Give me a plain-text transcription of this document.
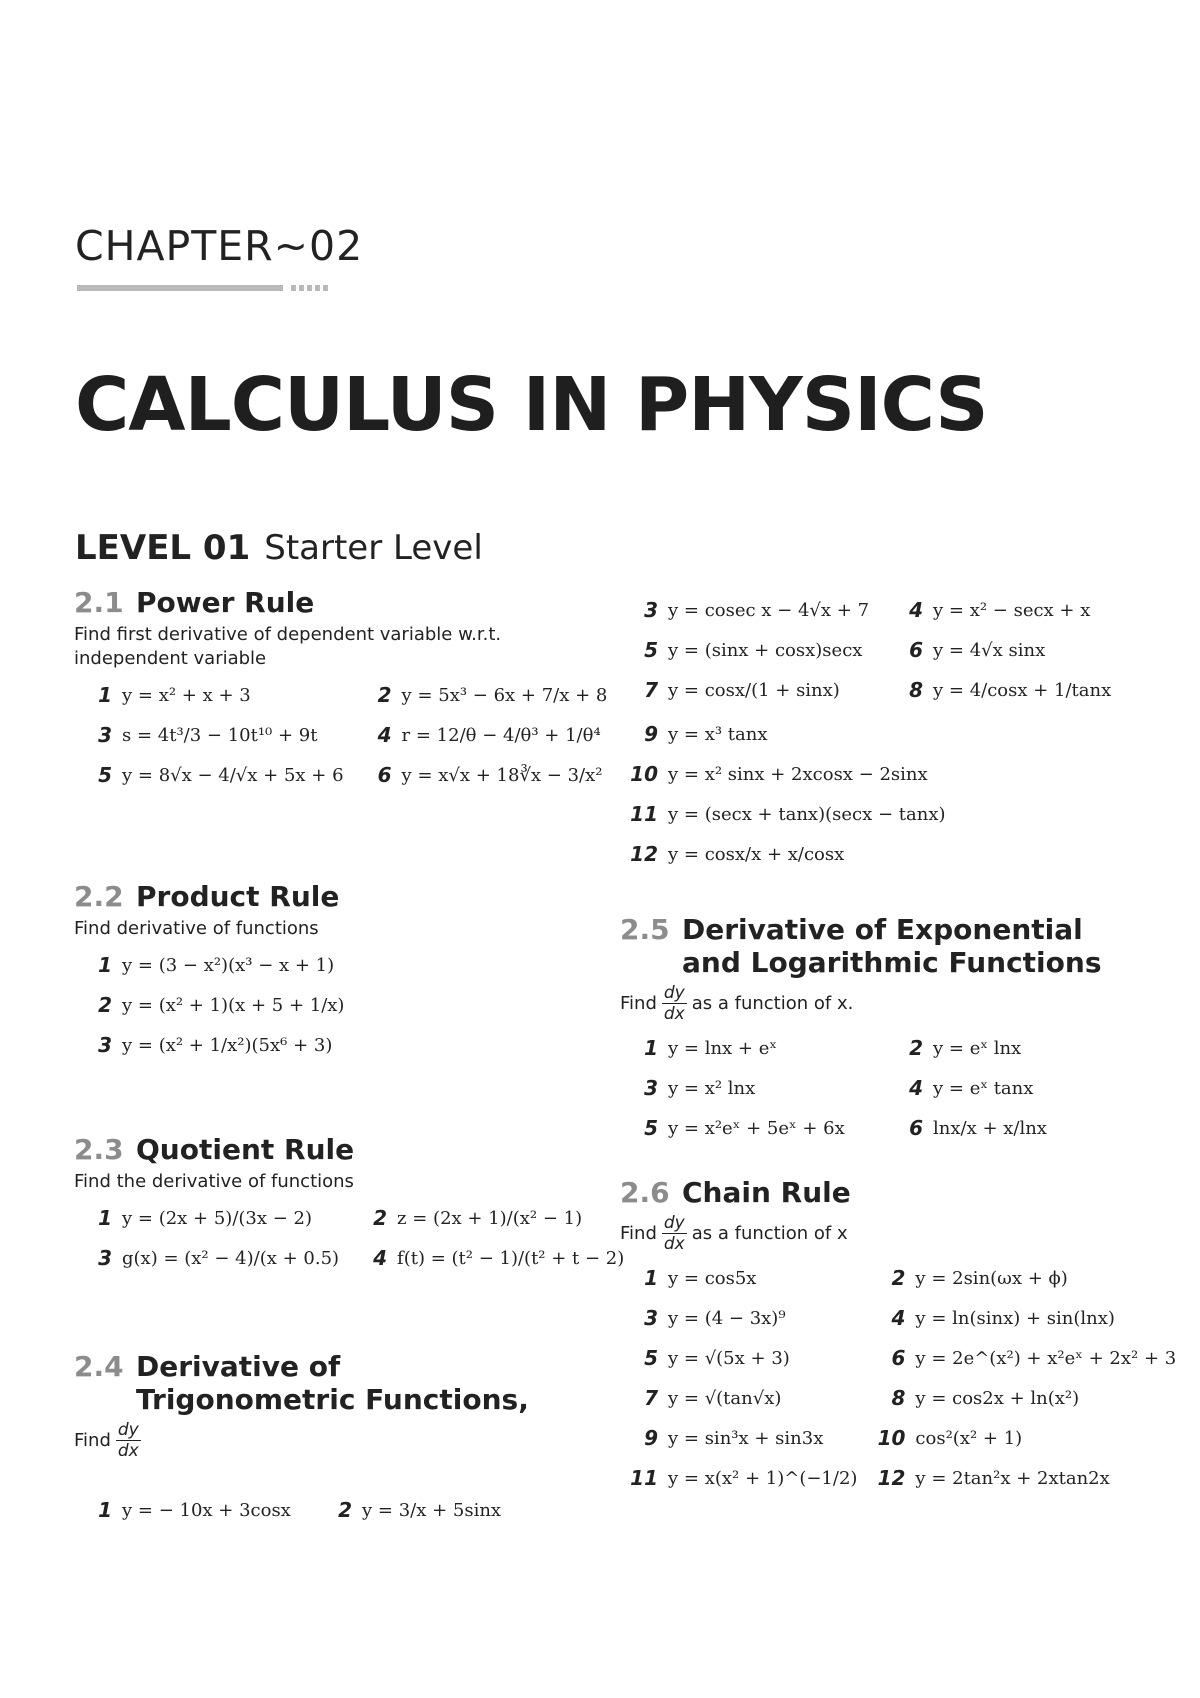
CHAPTER~02
CALCULUS IN PHYSICS
LEVEL 01 Starter Level
2.1 Power Rule
Find first derivative of dependent variable w.r.t. independent variable
1 y = x² + x + 3	2 y = 5x³ − 6x + 7/x + 8
3 s = 4t³/3 − 10t¹⁰ + 9t	4 r = 12/θ − 4/θ³ + 1/θ⁴
5 y = 8√x − 4/√x + 5x + 6	6 y = x√x + 18∛x − 3/x²
2.2 Product Rule
Find derivative of functions
1 y = (3 − x²)(x³ − x + 1)
2 y = (x² + 1)(x + 5 + 1/x)
3 y = (x² + 1/x²)(5x⁶ + 3)
2.3 Quotient Rule
Find the derivative of functions
1 y = (2x + 5)/(3x − 2)	2 z = (2x + 1)/(x² − 1)
3 g(x) = (x² − 4)/(x + 0.5)	4 f(t) = (t² − 1)/(t² + t − 2)
2.4 Derivative of Trigonometric Functions,
Find $\frac{dy}{dx}$
1 y = − 10x + 3cosx	2 y = 3/x + 5sinx
3 y = cosec x − 4√x + 7	4 y = x² − secx + x
5 y = (sinx + cosx)secx	6 y = 4√x sinx
7 y = cosx/(1 + sinx)	8 y = 4/cosx + 1/tanx
9 y = x³ tanx
10 y = x² sinx + 2xcosx − 2sinx
11 y = (secx + tanx)(secx − tanx)
12 y = cosx/x + x/cosx
2.5 Derivative of Exponential and Logarithmic Functions
Find $\frac{dy}{dx}$ as a function of x.
1 y = lnx + eˣ	2 y = eˣ lnx
3 y = x² lnx	4 y = eˣ tanx
5 y = x²eˣ + 5eˣ + 6x	6 lnx/x + x/lnx
2.6 Chain Rule
Find $\frac{dy}{dx}$ as a function of x
1 y = cos5x	2 y = 2sin(ωx + ϕ)
3 y = (4 − 3x)⁹	4 y = ln(sinx) + sin(lnx)
5 y = √(5x + 3)	6 y = 2e^(x²) + x²eˣ + 2x² + 3
7 y = √(tan√x)	8 y = cos2x + ln(x²)
9 y = sin³x + sin3x	10 cos²(x² + 1)
11 y = x(x² + 1)^(−1/2)	12 y = 2tan²x + 2xtan2x
